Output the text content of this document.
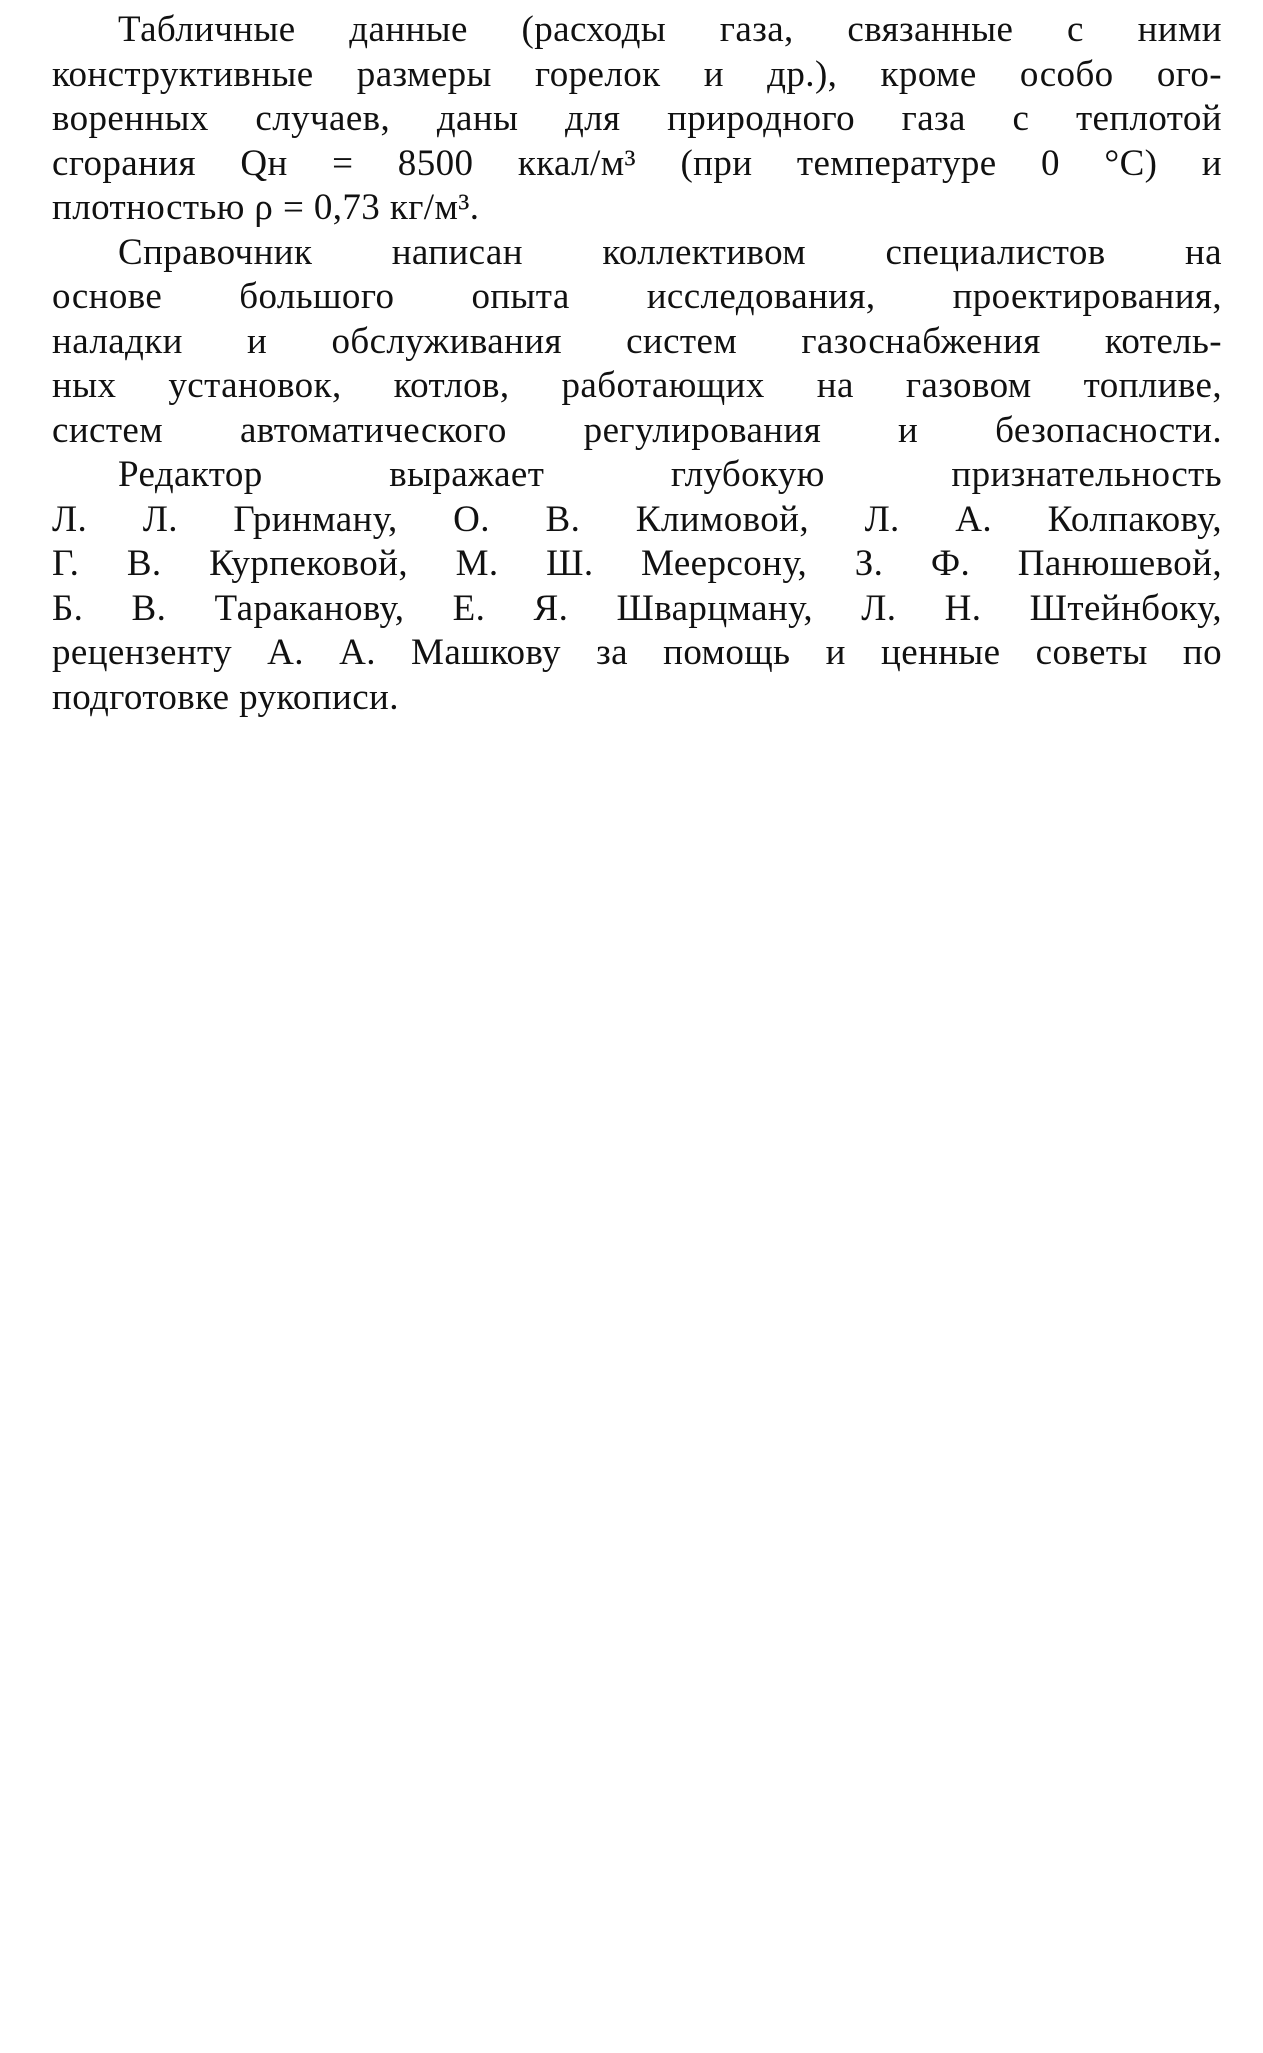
Табличные данные (расходы газа, связанные с ними
конструктивные размеры горелок и др.), кроме особо ого-
воренных случаев, даны для природного газа с теплотой
сгорания Qн = 8500 ккал/м³ (при температуре 0 °С) и
плотностью ρ = 0,73 кг/м³.

Справочник написан коллективом специалистов на
основе большого опыта исследования, проектирования,
наладки и обслуживания систем газоснабжения котель-
ных установок, котлов, работающих на газовом топливе,
систем автоматического регулирования и безопасности.

Редактор выражает глубокую признательность
Л. Л. Гринману, О. В. Климовой, Л. А. Колпакову,
Г. В. Курпековой, М. Ш. Меерсону, З. Ф. Панюшевой,
Б. В. Тараканову, Е. Я. Шварцману, Л. Н. Штейнбоку,
рецензенту А. А. Машкову за помощь и ценные советы по
подготовке рукописи.
